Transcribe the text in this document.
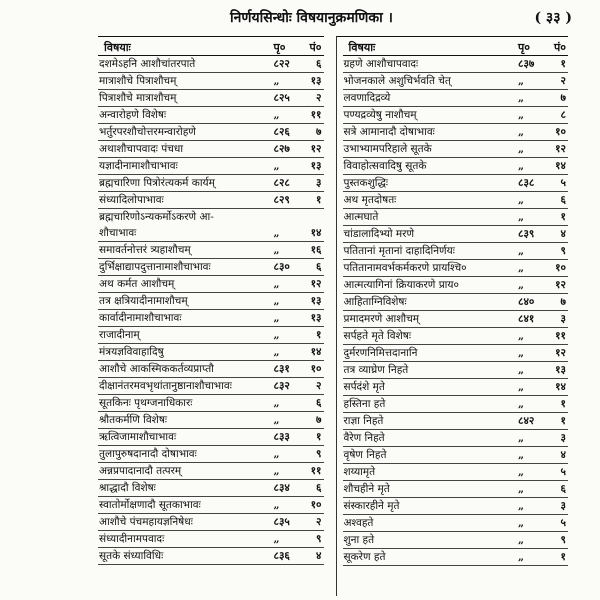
निर्णयसिन्धोः विषयानुक्रमणिका ।	( ३३ )
विषयाः	पृ०	पं०
दशमेऽहनि आशौचांतरपाते	८२२	६
मात्राशौचे पित्राशौचम्	„	१३
पित्राशौचे मात्राशौचम्	८२५	२
अन्वारोहणे विशेषः	„	११
भर्तुरपरशौचोत्तरमन्वारोहणे	८२६	७
अथाशौचापवादः पंचधा	८२७	१२
यज्ञादीनामाशौचाभावः	„	१३
ब्रह्मचारिणा पित्रोरंत्यकर्म कार्यम्	८२८	३
संध्यादिलोपाभावः	८२९	१
ब्रह्मचारिणोऽन्यकर्मोऽकरणे आ-
शौचाभावः	„	१४
समावर्तनोत्तरं त्र्यहाशौचम्	„	१६
दुर्भिक्षाद्यापदुत्तानामाशौचाभावः	८३०	६
अथ कर्मत आशौचम्	„	१२
तत्र क्षत्रियादीनामाशौचम्	„	१३
कार्वादीनामाशौचाभावः	„	१३
राजादीनाम्	„	१
मंत्रयज्ञविवाहादिषु	„	१४
आशौचे आकस्मिककर्तव्यप्राप्तौ	८३१	१०
दीक्षानंतरमवभृथांतानुष्ठानाशौचाभावः	८३२	२
सूतकिनः पृथग्जनाधिकारः	„	६
श्रौतकर्मणि विशेषः	„	७
ऋत्विजामाशौचाभावः	८३३	१
तुलापुरुषदानादौ दोषाभावः	„	९
अन्नप्रपादानादौ तत्परम्	„	११
श्राद्धादौ विशेषः	८३४	६
स्वातोर्मोक्षणादौ सूतकाभावः	„	१०
आशौचे पंचमहायज्ञनिषेधः	८३५	२
संध्यादीनामपवादः	„	९
सूतके संध्याविधिः	८३६	४
विषयाः	पृ०	पं०
ग्रहणे आशौचापवादः	८३७	१
भोजनकाले अशुचिर्भवति चेत्	„	२
लवणादिद्रव्ये	„	७
पण्यद्रव्येषु नाशौचम्	„	८
सत्रे आमानादौ दोषाभावः	„	१०
उभाभ्यामपरिहाले सूतके	„	१२
विवाहोत्सवादिषु सूतके	„	१४
पुस्तकशुद्धिः	८३८	५
अथ मृतदोषतः	„	६
आत्मघाते	„	१
चांडालादिभ्यो मरणे	८३९	४
पतितानां मृतानां दाहादिनिर्णयः	„	९
पतितानामवर्भकर्मकरणे प्रायश्चि०	„	१०
आत्मत्यागिनां क्रियाकरणे प्राय०	„	१२
आहिताग्निविशेषः	८४०	७
प्रमादमरणे आशौचम्	८४१	३
सर्पहते मृते विशेषः	„	११
दुर्मरणनिमित्तदानानि	„	१२
तत्र व्याघ्रेण निहते	„	१३
सर्पदंशे मृते	„	१४
हस्तिना हते	„	१
राज्ञा निहते	८४२	१
वैरेण निहते	„	३
वृषेण निहते	„	४
शय्यामृते	„	५
शौचहीने मृते	„	६
संस्कारहीने मृते	„	३
अश्वहते	„	५
शुना हते	„	९
सूकरेण हते	„	१
